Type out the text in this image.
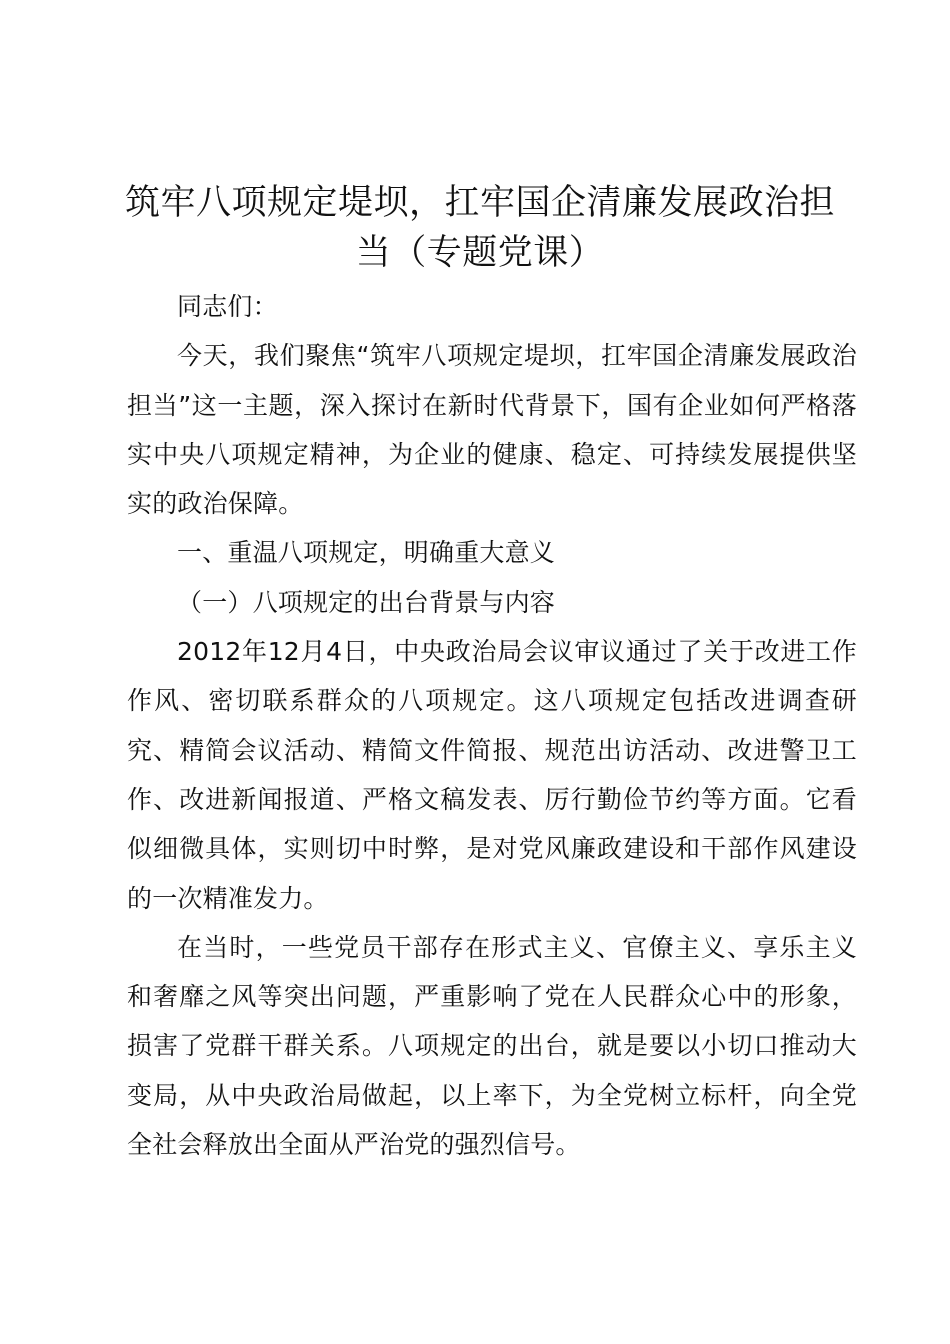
筑牢八项规定堤坝，扛牢国企清廉发展政治担当（专题党课）

同志们：

今天，我们聚焦“筑牢八项规定堤坝，扛牢国企清廉发展政治担当”这一主题，深入探讨在新时代背景下，国有企业如何严格落实中央八项规定精神，为企业的健康、稳定、可持续发展提供坚实的政治保障。

一、重温八项规定，明确重大意义

（一）八项规定的出台背景与内容

2012年12月4日，中央政治局会议审议通过了关于改进工作作风、密切联系群众的八项规定。这八项规定包括改进调查研究、精简会议活动、精简文件简报、规范出访活动、改进警卫工作、改进新闻报道、严格文稿发表、厉行勤俭节约等方面。它看似细微具体，实则切中时弊，是对党风廉政建设和干部作风建设的一次精准发力。

在当时，一些党员干部存在形式主义、官僚主义、享乐主义和奢靡之风等突出问题，严重影响了党在人民群众心中的形象，损害了党群干群关系。八项规定的出台，就是要以小切口推动大变局，从中央政治局做起，以上率下，为全党树立标杆，向全党全社会释放出全面从严治党的强烈信号。
